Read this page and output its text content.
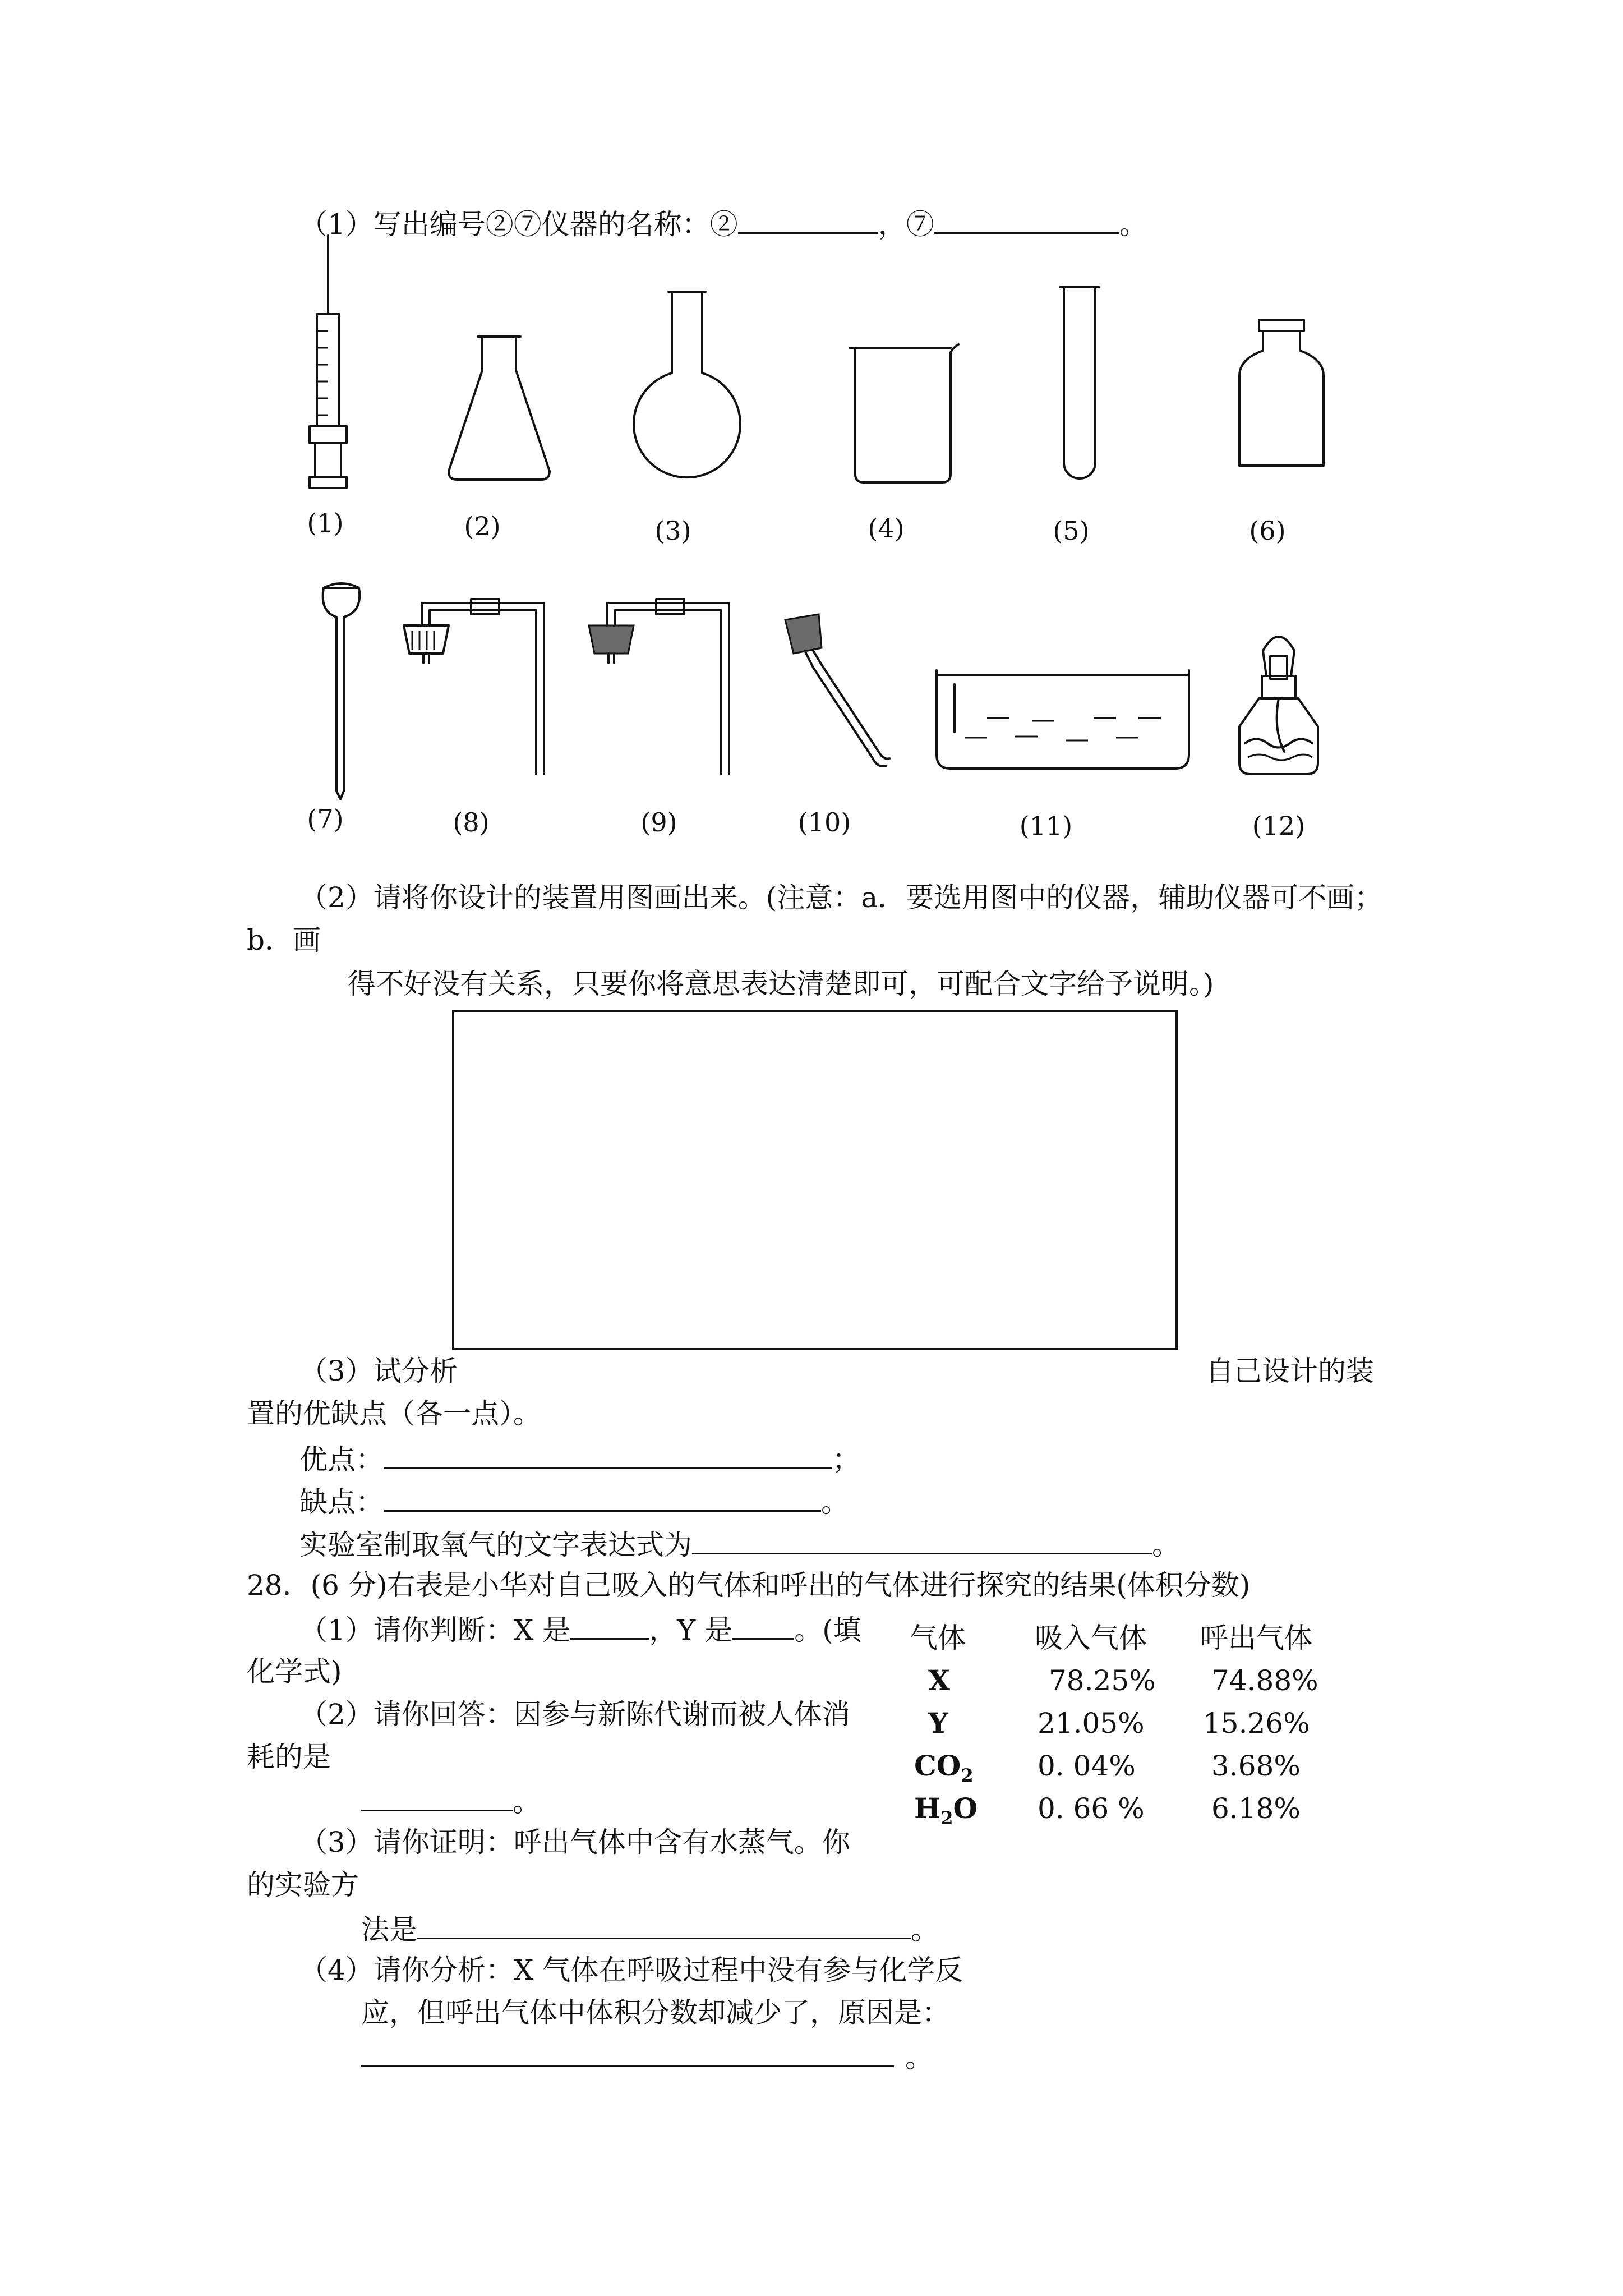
（1）写出编号②⑦仪器的名称：②	，⑦	。
(1)	(2)	(3)	(4)	(5)	(6)
(7)	(8)	(9)	(10)	(11)	(12)
（2）请将你设计的装置用图画出来。(注意：a．要选用图中的仪器，辅助仪器可不画；
b．画
得不好没有关系，只要你将意思表达清楚即可，可配合文字给予说明。)
（3）试分析	自己设计的装
置的优缺点（各一点）。
优点：	；
缺点：	。
实验室制取氧气的文字表达式为	。
28．(6 分)右表是小华对自己吸入的气体和呼出的气体进行探究的结果(体积分数)
（1）请你判断：X 是	，Y 是 。(填
化学式)
（2）请你回答：因参与新陈代谢而被人体消
耗的是
。
（3）请你证明：呼出气体中含有水蒸气。你
的实验方
法是	。
（4）请你分析：X 气体在呼吸过程中没有参与化学反
应，但呼出气体中体积分数却减少了，原因是：
。
气体 吸入气体 呼出气体
X	78.25% 74.88%
Y	21.05% 15.26%
$CO_2$ 0. 04%	3.68%
$H_2O$ 0. 66 % 6.18%
